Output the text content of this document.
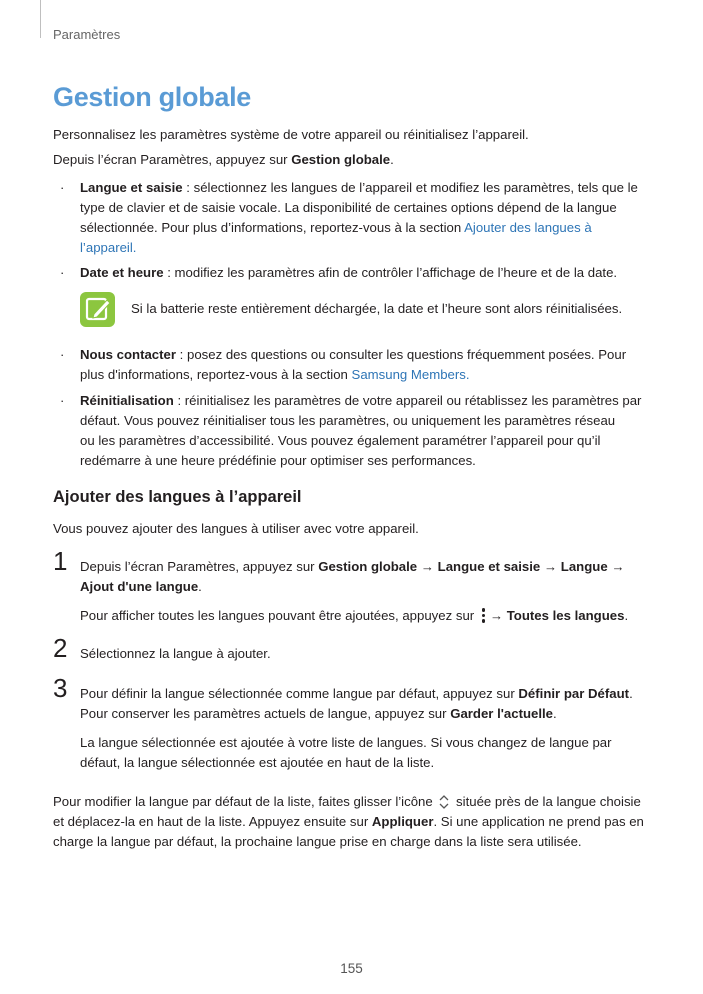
Paramètres
Gestion globale
Personnalisez les paramètres système de votre appareil ou réinitialisez l’appareil.
Depuis l’écran Paramètres, appuyez sur Gestion globale.
· Langue et saisie : sélectionnez les langues de l’appareil et modifiez les paramètres, tels que le
type de clavier et de saisie vocale. La disponibilité de certaines options dépend de la langue
sélectionnée. Pour plus d’informations, reportez-vous à la section Ajouter des langues à
l’appareil.
· Date et heure : modifiez les paramètres afin de contrôler l’affichage de l’heure et de la date.
Si la batterie reste entièrement déchargée, la date et l’heure sont alors réinitialisées.
· Nous contacter : posez des questions ou consulter les questions fréquemment posées. Pour
plus d'informations, reportez-vous à la section Samsung Members.
· Réinitialisation : réinitialisez les paramètres de votre appareil ou rétablissez les paramètres par
défaut. Vous pouvez réinitialiser tous les paramètres, ou uniquement les paramètres réseau
ou les paramètres d’accessibilité. Vous pouvez également paramétrer l’appareil pour qu’il
redémarre à une heure prédéfinie pour optimiser ses performances.
Ajouter des langues à l’appareil
Vous pouvez ajouter des langues à utiliser avec votre appareil.
1 Depuis l’écran Paramètres, appuyez sur Gestion globale → Langue et saisie → Langue →
Ajout d'une langue.
Pour afficher toutes les langues pouvant être ajoutées, appuyez sur
→ Toutes les langues.
2 Sélectionnez la langue à ajouter.
3 Pour définir la langue sélectionnée comme langue par défaut, appuyez sur Définir par Défaut.
Pour conserver les paramètres actuels de langue, appuyez sur Garder l'actuelle.
La langue sélectionnée est ajoutée à votre liste de langues. Si vous changez de langue par
défaut, la langue sélectionnée est ajoutée en haut de la liste.
Pour modifier la langue par défaut de la liste, faites glisser l’icône  située près de la langue choisie
et déplacez-la en haut de la liste. Appuyez ensuite sur Appliquer. Si une application ne prend pas en
charge la langue par défaut, la prochaine langue prise en charge dans la liste sera utilisée.
155
